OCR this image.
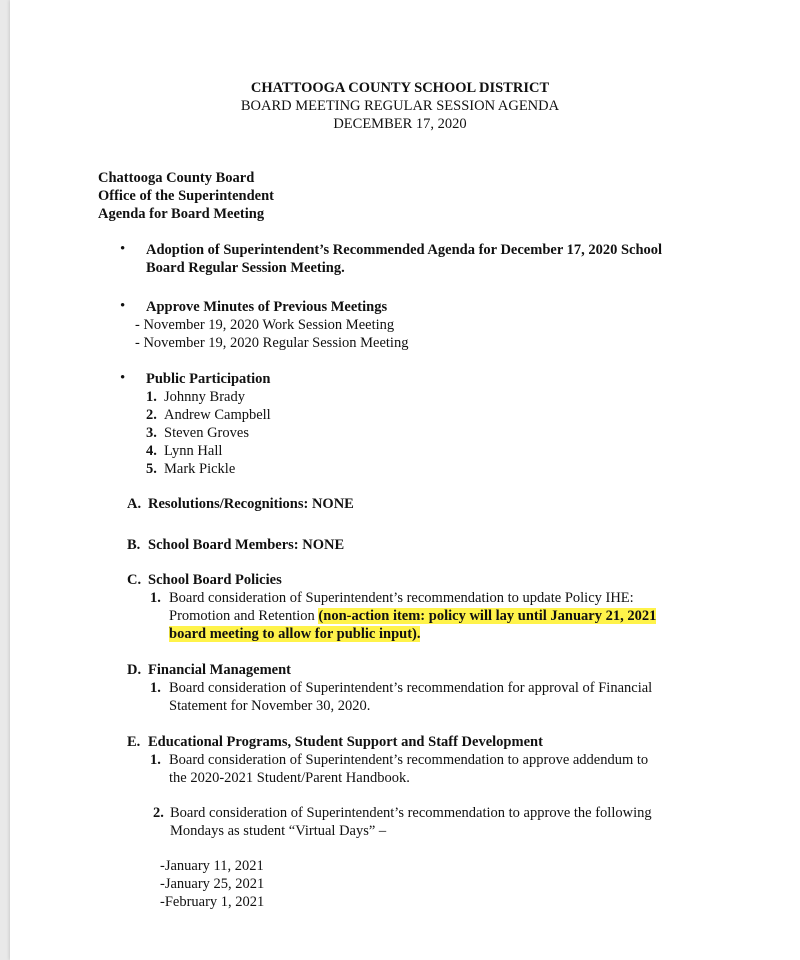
CHATTOOGA COUNTY SCHOOL DISTRICT
BOARD MEETING REGULAR SESSION AGENDA
DECEMBER 17, 2020
Chattooga County Board
Office of the Superintendent
Agenda for Board Meeting
• Adoption of Superintendent’s Recommended Agenda for December 17, 2020 School
Board Regular Session Meeting.
• Approve Minutes of Previous Meetings
- November 19, 2020 Work Session Meeting
- November 19, 2020 Regular Session Meeting
• Public Participation
1. Johnny Brady
2. Andrew Campbell
3. Steven Groves
4. Lynn Hall
5. Mark Pickle
A. Resolutions/Recognitions: NONE
B. School Board Members: NONE
C. School Board Policies
1. Board consideration of Superintendent’s recommendation to update Policy IHE:
Promotion and Retention (non-action item: policy will lay until January 21, 2021
board meeting to allow for public input).
D. Financial Management
1. Board consideration of Superintendent’s recommendation for approval of Financial
Statement for November 30, 2020.
E. Educational Programs, Student Support and Staff Development
1. Board consideration of Superintendent’s recommendation to approve addendum to
the 2020-2021 Student/Parent Handbook.
2. Board consideration of Superintendent’s recommendation to approve the following
Mondays as student “Virtual Days” –
-January 11, 2021
-January 25, 2021
-February 1, 2021
